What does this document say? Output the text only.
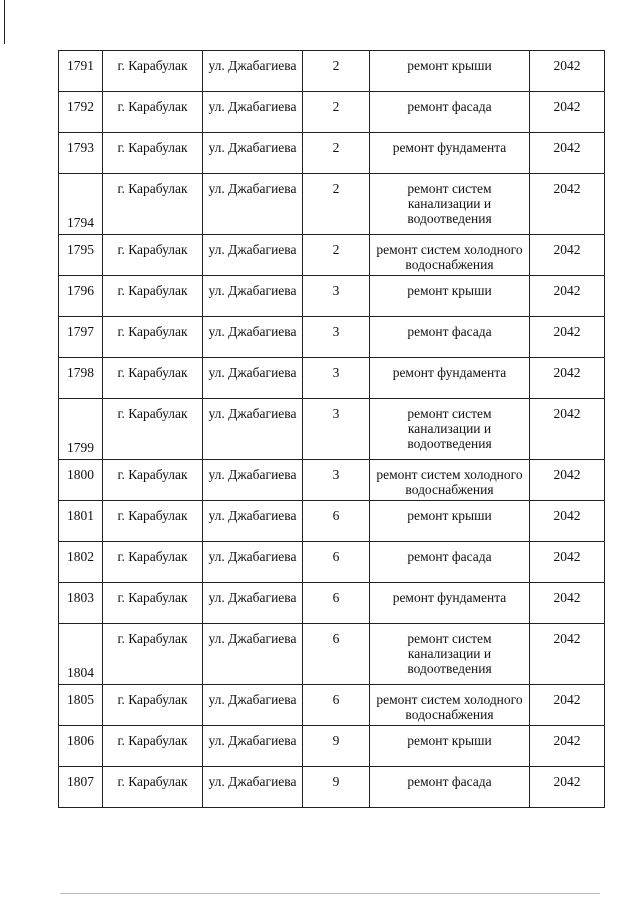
1791	г. Карабулак	ул. Джабагиева	2	ремонт крыши	2042
1792	г. Карабулак	ул. Джабагиева	2	ремонт фасада	2042
1793	г. Карабулак	ул. Джабагиева	2	ремонт фундамента	2042
1794	г. Карабулак	ул. Джабагиева	2	ремонт систем канализации и водоотведения	2042
1795	г. Карабулак	ул. Джабагиева	2	ремонт систем холодного водоснабжения	2042
1796	г. Карабулак	ул. Джабагиева	3	ремонт крыши	2042
1797	г. Карабулак	ул. Джабагиева	3	ремонт фасада	2042
1798	г. Карабулак	ул. Джабагиева	3	ремонт фундамента	2042
1799	г. Карабулак	ул. Джабагиева	3	ремонт систем канализации и водоотведения	2042
1800	г. Карабулак	ул. Джабагиева	3	ремонт систем холодного водоснабжения	2042
1801	г. Карабулак	ул. Джабагиева	6	ремонт крыши	2042
1802	г. Карабулак	ул. Джабагиева	6	ремонт фасада	2042
1803	г. Карабулак	ул. Джабагиева	6	ремонт фундамента	2042
1804	г. Карабулак	ул. Джабагиева	6	ремонт систем канализации и водоотведения	2042
1805	г. Карабулак	ул. Джабагиева	6	ремонт систем холодного водоснабжения	2042
1806	г. Карабулак	ул. Джабагиева	9	ремонт крыши	2042
1807	г. Карабулак	ул. Джабагиева	9	ремонт фасада	2042
